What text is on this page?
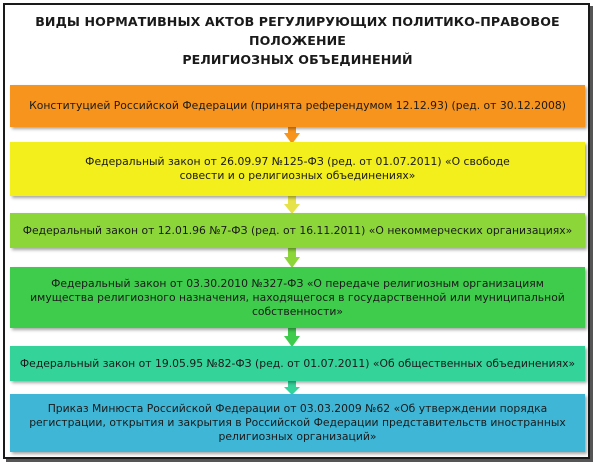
ВИДЫ НОРМАТИВНЫХ АКТОВ РЕГУЛИРУЮЩИХ ПОЛИТИКО-ПРАВОВОЕ ПОЛОЖЕНИЕ
РЕЛИГИОЗНЫХ ОБЪЕДИНЕНИЙ
Конституцией Российской Федерации (принята референдумом 12.12.93) (ред. от 30.12.2008)
Федеральный закон от 26.09.97 №125-ФЗ (ред. от 01.07.2011) «О свободе совести и о религиозных объединениях»
Федеральный закон от 12.01.96 №7-ФЗ (ред. от 16.11.2011) «О некоммерческих организациях»
Федеральный закон от 03.30.2010 №327-ФЗ «О передаче религиозным организациям имущества религиозного назначения, находящегося в государственной или муниципальной собственности»
Федеральный закон от 19.05.95 №82-ФЗ (ред. от 01.07.2011) «Об общественных объединениях»
Приказ Минюста Российской Федерации от 03.03.2009 №62 «Об утверждении порядка регистрации, открытия и закрытия в Российской Федерации представительств иностранных религиозных организаций»
